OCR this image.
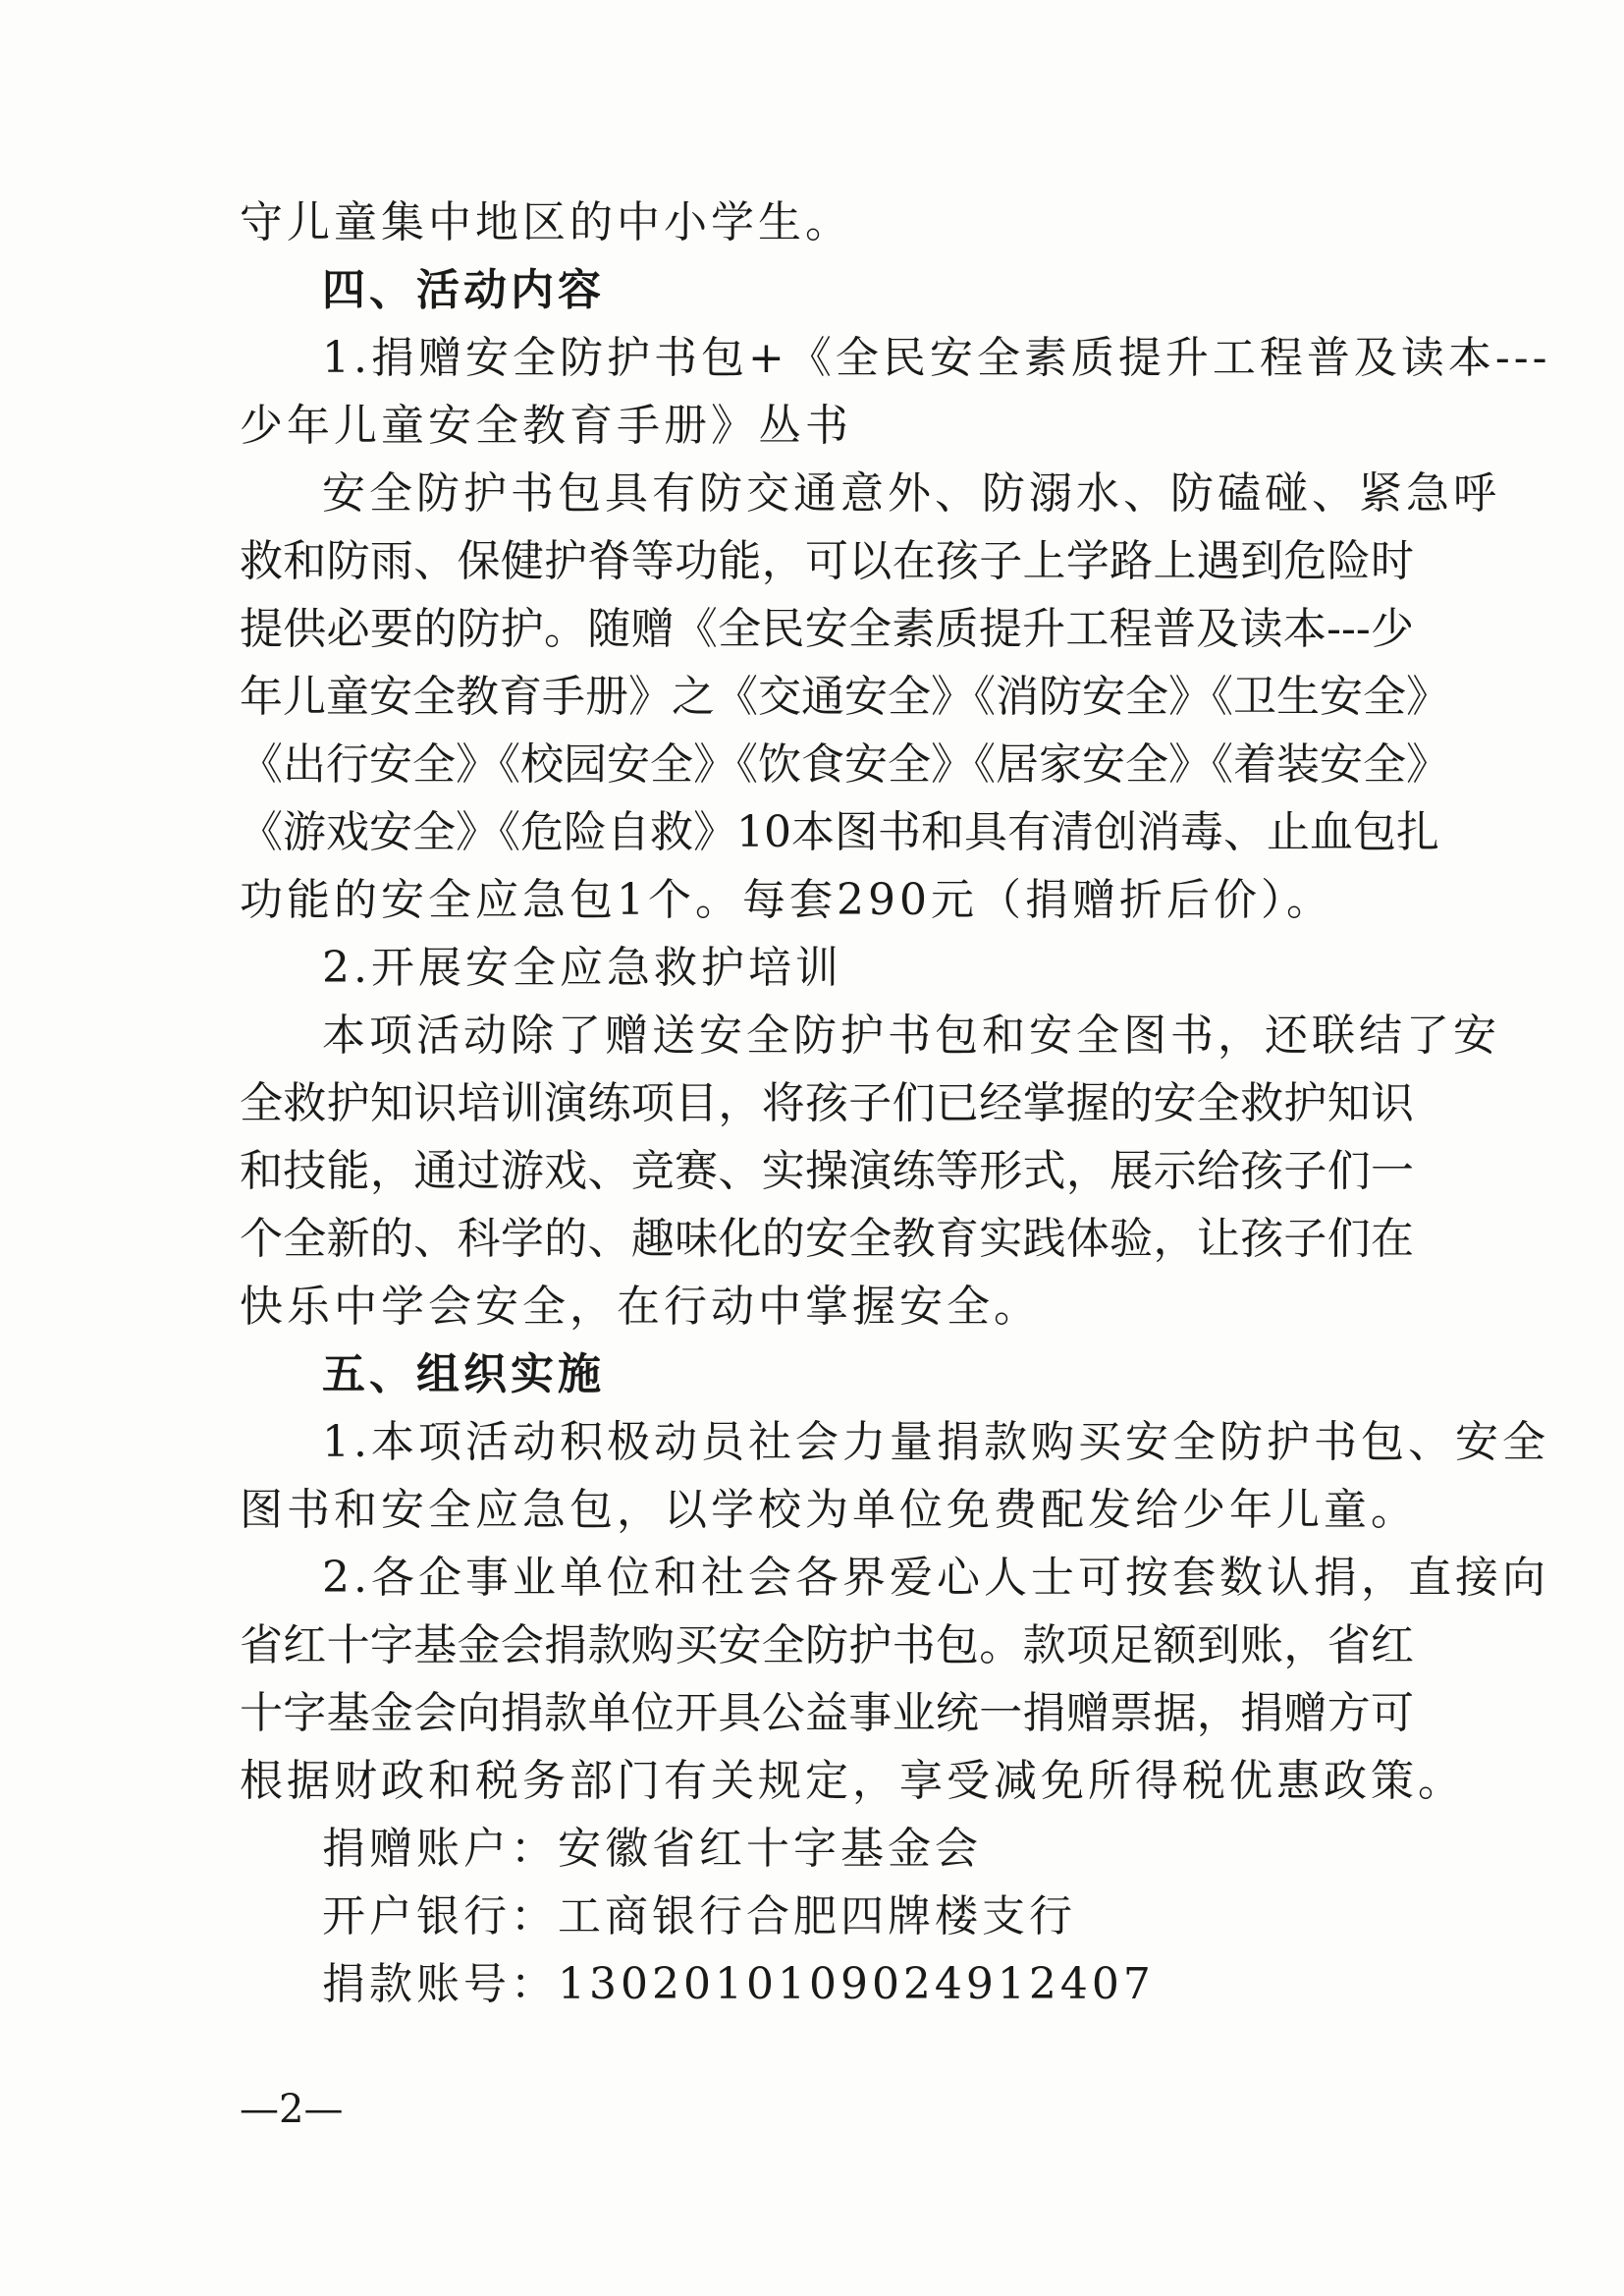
守儿童集中地区的中小学生。
四、活动内容
1.捐赠安全防护书包+《全民安全素质提升工程普及读本---
少年儿童安全教育手册》丛书
安全防护书包具有防交通意外、防溺水、防磕碰、紧急呼
救和防雨、保健护脊等功能，可以在孩子上学路上遇到危险时
提供必要的防护。随赠《全民安全素质提升工程普及读本---少
年儿童安全教育手册》之《交通安全》《消防安全》《卫生安全》
《出行安全》《校园安全》《饮食安全》《居家安全》《着装安全》
《游戏安全》《危险自救》10本图书和具有清创消毒、止血包扎
功能的安全应急包1个。每套290元（捐赠折后价）。
2.开展安全应急救护培训
本项活动除了赠送安全防护书包和安全图书，还联结了安
全救护知识培训演练项目，将孩子们已经掌握的安全救护知识
和技能，通过游戏、竞赛、实操演练等形式，展示给孩子们一
个全新的、科学的、趣味化的安全教育实践体验，让孩子们在
快乐中学会安全，在行动中掌握安全。
五、组织实施
1.本项活动积极动员社会力量捐款购买安全防护书包、安全
图书和安全应急包，以学校为单位免费配发给少年儿童。
2.各企事业单位和社会各界爱心人士可按套数认捐，直接向
省红十字基金会捐款购买安全防护书包。款项足额到账，省红
十字基金会向捐款单位开具公益事业统一捐赠票据，捐赠方可
根据财政和税务部门有关规定，享受减免所得税优惠政策。
捐赠账户：安徽省红十字基金会
开户银行：工商银行合肥四牌楼支行
捐款账号：1302010109024912407
—2—
